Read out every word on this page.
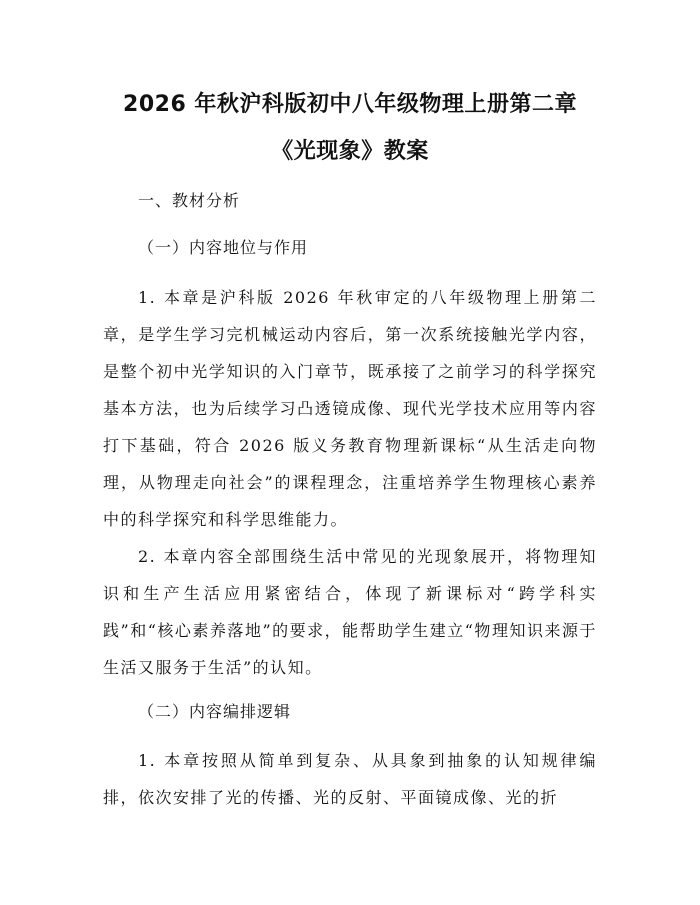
2026 年秋沪科版初中八年级物理上册第二章
《光现象》教案
一、教材分析
（一）内容地位与作用

1. 本章是沪科版 2026 年秋审定的八年级物理上册第二章，是学生学习完机械运动内容后，第一次系统接触光学内容，是整个初中光学知识的入门章节，既承接了之前学习的科学探究基本方法，也为后续学习凸透镜成像、现代光学技术应用等内容打下基础，符合 2026 版义务教育物理新课标“从生活走向物理，从物理走向社会”的课程理念，注重培养学生物理核心素养中的科学探究和科学思维能力。

2. 本章内容全部围绕生活中常见的光现象展开，将物理知识和生产生活应用紧密结合，体现了新课标对“跨学科实践”和“核心素养落地”的要求，能帮助学生建立“物理知识来源于生活又服务于生活”的认知。

（二）内容编排逻辑

1. 本章按照从简单到复杂、从具象到抽象的认知规律编排，依次安排了光的传播、光的反射、平面镜成像、光的折
